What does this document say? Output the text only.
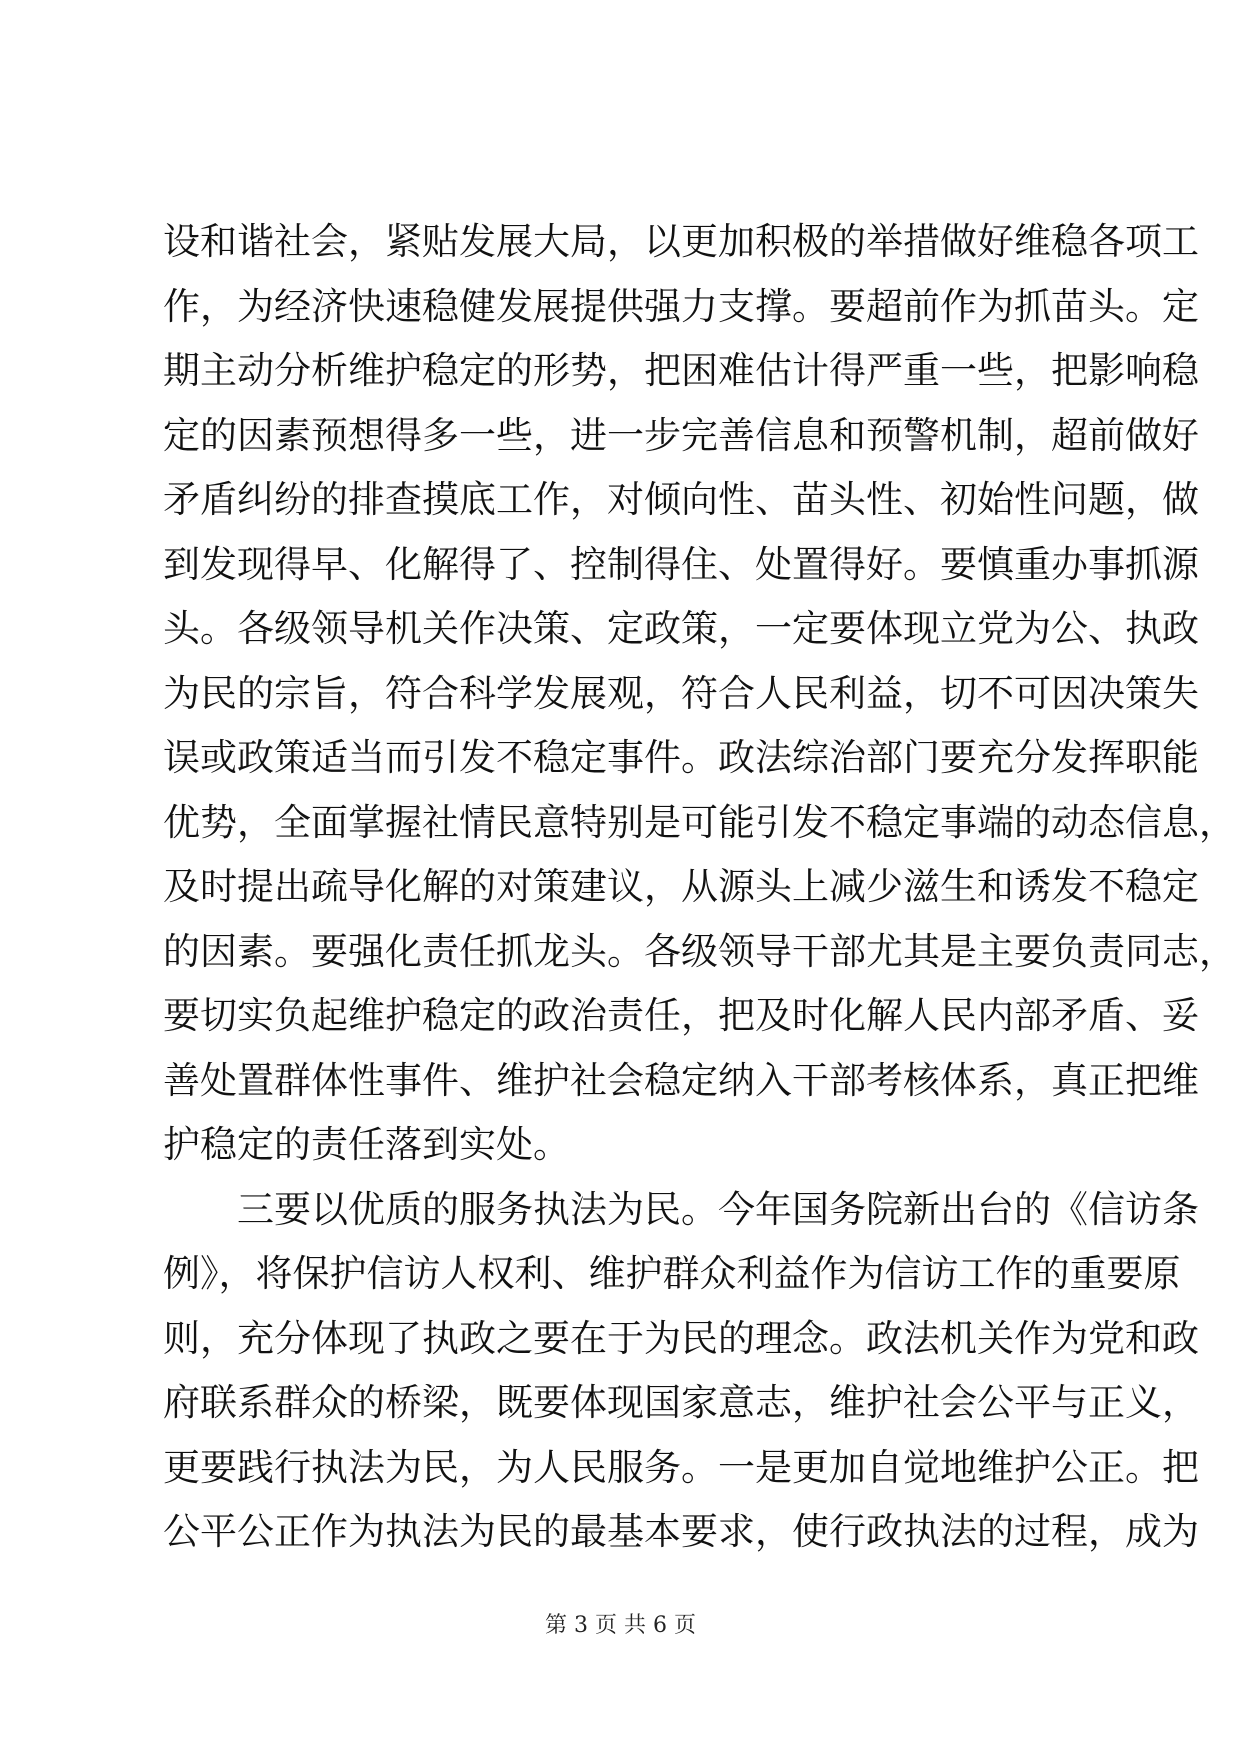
设和谐社会，紧贴发展大局，以更加积极的举措做好维稳各项工
作，为经济快速稳健发展提供强力支撑。要超前作为抓苗头。定
期主动分析维护稳定的形势，把困难估计得严重一些，把影响稳
定的因素预想得多一些，进一步完善信息和预警机制，超前做好
矛盾纠纷的排查摸底工作，对倾向性、苗头性、初始性问题，做
到发现得早、化解得了、控制得住、处置得好。要慎重办事抓源
头。各级领导机关作决策、定政策，一定要体现立党为公、执政
为民的宗旨，符合科学发展观，符合人民利益，切不可因决策失
误或政策适当而引发不稳定事件。政法综治部门要充分发挥职能
优势，全面掌握社情民意特别是可能引发不稳定事端的动态信息，
及时提出疏导化解的对策建议，从源头上减少滋生和诱发不稳定
的因素。要强化责任抓龙头。各级领导干部尤其是主要负责同志，
要切实负起维护稳定的政治责任，把及时化解人民内部矛盾、妥
善处置群体性事件、维护社会稳定纳入干部考核体系，真正把维
护稳定的责任落到实处。
三要以优质的服务执法为民。今年国务院新出台的《信访条
例》，将保护信访人权利、维护群众利益作为信访工作的重要原
则，充分体现了执政之要在于为民的理念。政法机关作为党和政
府联系群众的桥梁，既要体现国家意志，维护社会公平与正义，
更要践行执法为民，为人民服务。一是更加自觉地维护公正。把
公平公正作为执法为民的最基本要求，使行政执法的过程，成为
第 3 页 共 6 页
